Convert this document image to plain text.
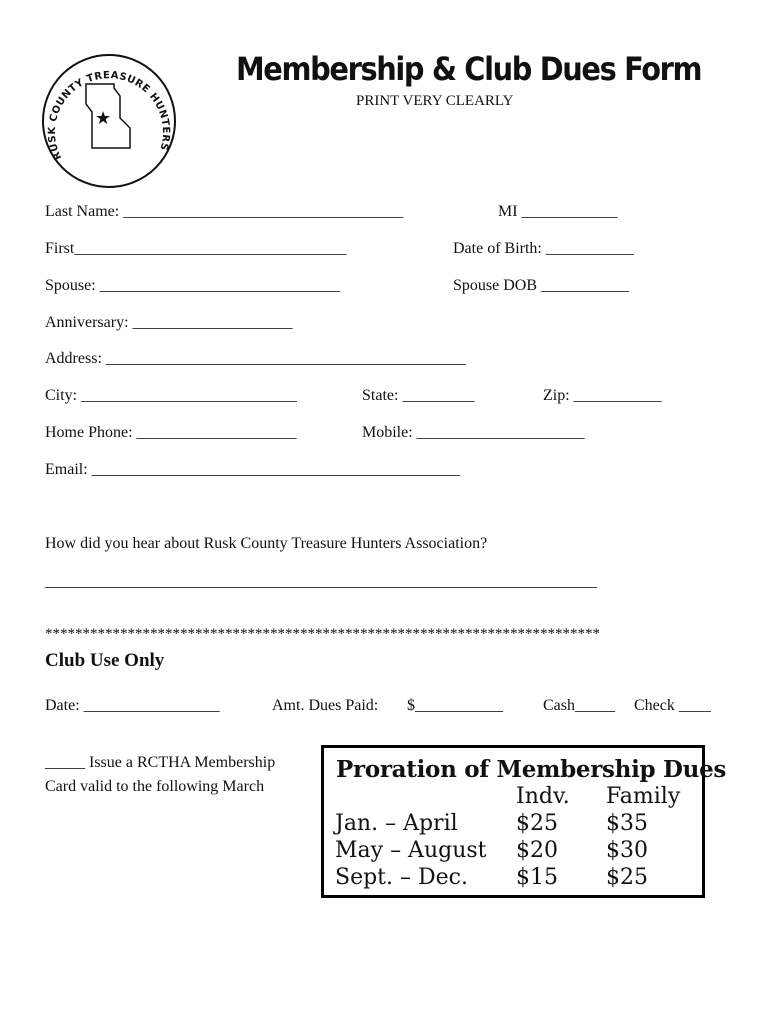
RUSK COUNTY TREASURE HUNTERS
★
Membership & Club Dues Form
PRINT VERY CLEARLY
Last Name: ___________________________________	MI ____________
First__________________________________	Date of Birth: ___________
Spouse: ______________________________	Spouse DOB ___________
Anniversary: ____________________
Address: _____________________________________________
City: ___________________________	State: _________	Zip: ___________
Home Phone: ____________________	Mobile: _____________________
Email: ______________________________________________
How did you hear about Rusk County Treasure Hunters Association?
_____________________________________________________________________
**************************************************************************
Club Use Only
Date: _________________	Amt. Dues Paid: $___________	Cash_____ Check ____
_____ Issue a RCTHA Membership
Card valid to the following March
Proration of Membership Dues
Indv. Family
Jan. – April	$25 $35
May – August $20 $30
Sept. – Dec. $15 $25
